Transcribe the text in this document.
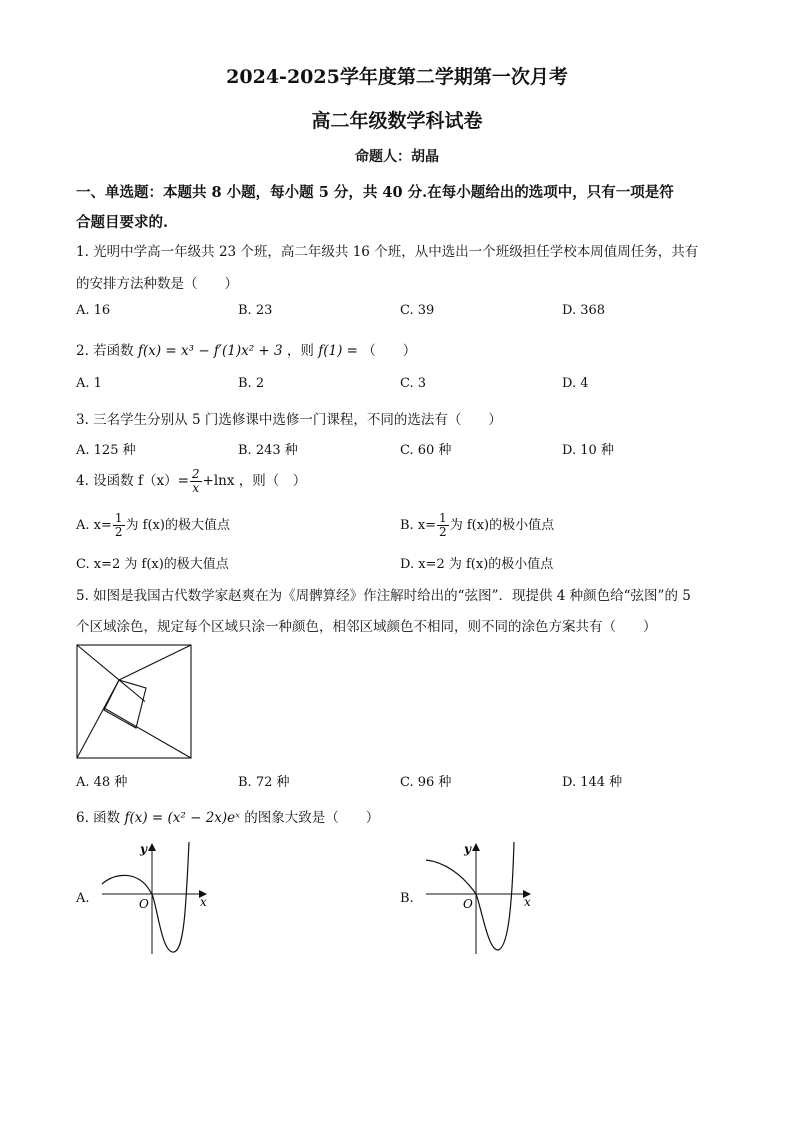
2024-2025学年度第二学期第一次月考
高二年级数学科试卷
命题人：胡晶
一、单选题：本题共 8 小题，每小题 5 分，共 40 分.在每小题给出的选项中，只有一项是符
合题目要求的.
1. 光明中学高一年级共 23 个班，高二年级共 16 个班，从中选出一个班级担任学校本周值周任务，共有
的安排方法种数是（　　）
A. 16	B. 23	C. 39	D. 368
2. 若函数 f(x) = x³ − f′(1)x² + 3 ，则 f(1) = （　　）
A. 1	B. 2	C. 3	D. 4
3. 三名学生分别从 5 门选修课中选修一门课程，不同的选法有（　　）
A. 125 种	B. 243 种	C. 60 种	D. 10 种
4. 设函数 $f(x)= \frac{2}{x} +\ln x$ ，则（　）
A. $x= \frac{1}{2}$ 为 f(x)的极大值点	B. $x= \frac{1}{2}$ 为 f(x)的极小值点
C. x=2 为 f(x)的极大值点	D. x=2 为 f(x)的极小值点
5. 如图是我国古代数学家赵爽在为《周髀算经》作注解时给出的“弦图”．现提供 4 种颜色给“弦图”的 5
个区域涂色，规定每个区域只涂一种颜色，相邻区域颜色不相同，则不同的涂色方案共有（　　）
A. 48 种	B. 72 种	C. 96 种	D. 144 种
6. 函数 f(x) = (x² − 2x)eˣ 的图象大致是（　　）
A.
y
x
O	B.
y
x
O
